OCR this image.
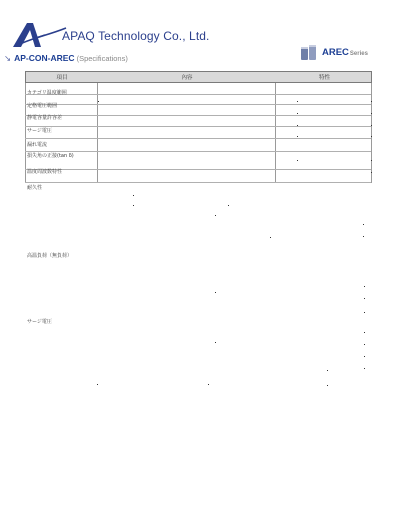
APAQ Technology Co., Ltd.
↘ AP-CON-AREC (Specifications)
ARECSeries
項目	內容	特性
カテゴリ温度範囲
定格電圧範囲
静電容量許容差
サージ電圧
漏れ電流
損失角の正接(tan δ)
温度周波数特性
耐久性
高温負荷（無負荷）
サージ電圧
